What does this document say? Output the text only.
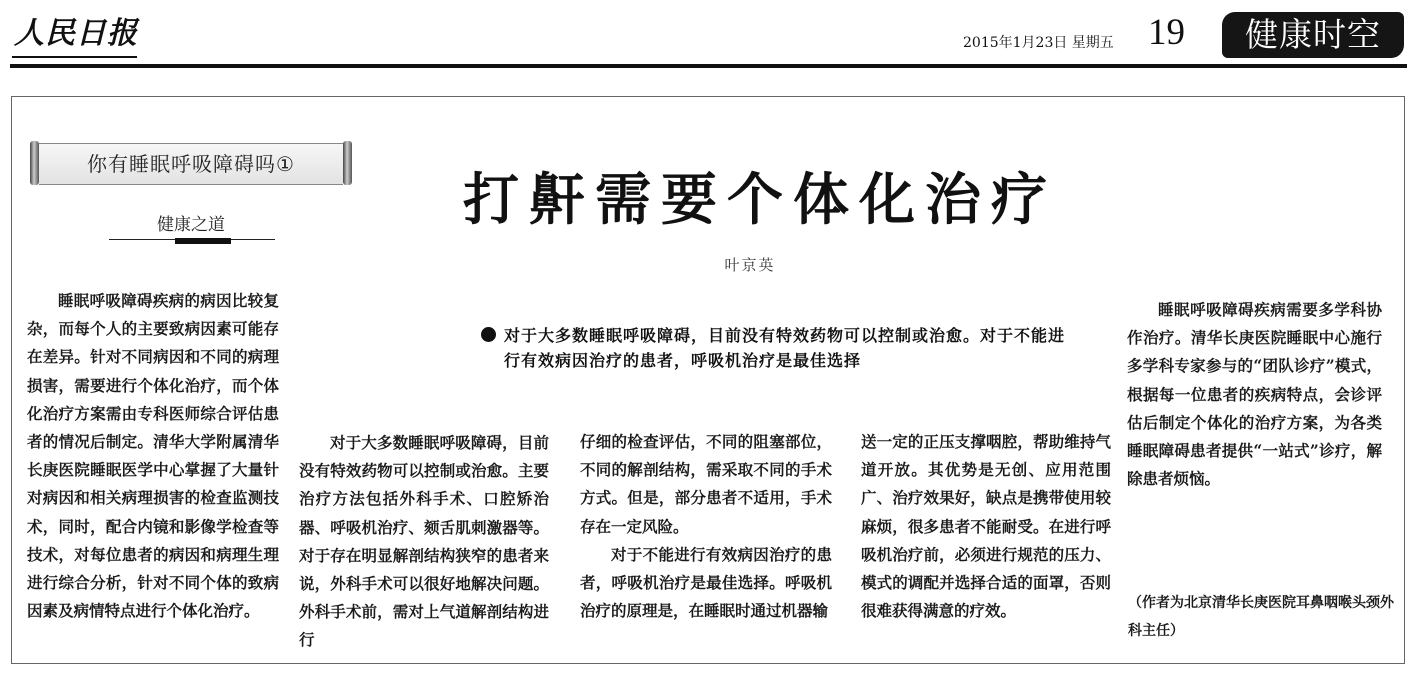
人民日报	2015年1月23日 星期五 19	健康时空
你有睡眠呼吸障碍吗①
健康之道	打鼾需要个体化治疗
叶京英
对于大多数睡眠呼吸障碍，目前没有特效药物可以控制或治愈。对于不能进行有效病因治疗的患者，呼吸机治疗是最佳选择

睡眠呼吸障碍疾病的病因比较复杂，而每个人的主要致病因素可能存在差异。针对不同病因和不同的病理损害，需要进行个体化治疗，而个体化治疗方案需由专科医师综合评估患者的情况后制定。清华大学附属清华长庚医院睡眠医学中心掌握了大量针对病因和相关病理损害的检查监测技术，同时，配合内镜和影像学检查等技术，对每位患者的病因和病理生理进行综合分析，针对不同个体的致病因素及病情特点进行个体化治疗。

对于大多数睡眠呼吸障碍，目前没有特效药物可以控制或治愈。主要治疗方法包括外科手术、口腔矫治器、呼吸机治疗、颏舌肌刺激器等。对于存在明显解剖结构狭窄的患者来说，外科手术可以很好地解决问题。外科手术前，需对上气道解剖结构进行

仔细的检查评估，不同的阻塞部位，不同的解剖结构，需采取不同的手术方式。但是，部分患者不适用，手术存在一定风险。

对于不能进行有效病因治疗的患者，呼吸机治疗是最佳选择。呼吸机治疗的原理是，在睡眠时通过机器输

送一定的正压支撑咽腔，帮助维持气道开放。其优势是无创、应用范围广、治疗效果好，缺点是携带使用较麻烦，很多患者不能耐受。在进行呼吸机治疗前，必须进行规范的压力、模式的调配并选择合适的面罩，否则很难获得满意的疗效。

睡眠呼吸障碍疾病需要多学科协作治疗。清华长庚医院睡眠中心施行多学科专家参与的“团队诊疗”模式，根据每一位患者的疾病特点，会诊评估后制定个体化的治疗方案，为各类睡眠障碍患者提供“一站式”诊疗，解除患者烦恼。

（作者为北京清华长庚医院耳鼻咽喉头颈外科主任）
